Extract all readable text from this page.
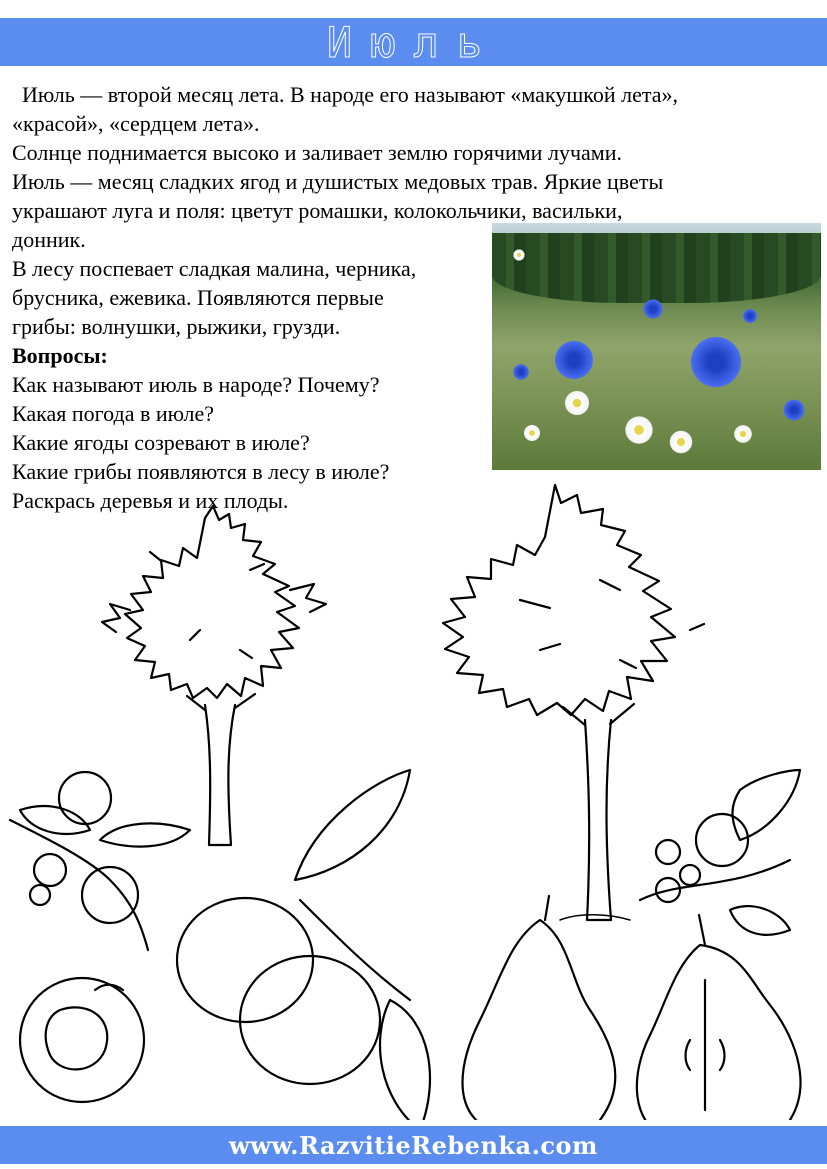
Июль

Июль — второй месяц лета. В народе его называют «макушкой лета»,

«красой», «сердцем лета».

Солнце поднимается высоко и заливает землю горячими лучами.

Июль — месяц сладких ягод и душистых медовых трав. Яркие цветы

украшают луга и поля: цветут ромашки, колокольчики, васильки,

донник.

В лесу поспевает сладкая малина, черника,

брусника, ежевика. Появляются первые

грибы: волнушки, рыжики, грузди.

Вопросы:

Как называют июль в народе? Почему?

Какая погода в июле?

Какие ягоды созревают в июле?

Какие грибы появляются в лесу в июле?

Раскрась деревья и их плоды.

www.RazvitieRebenka.com
